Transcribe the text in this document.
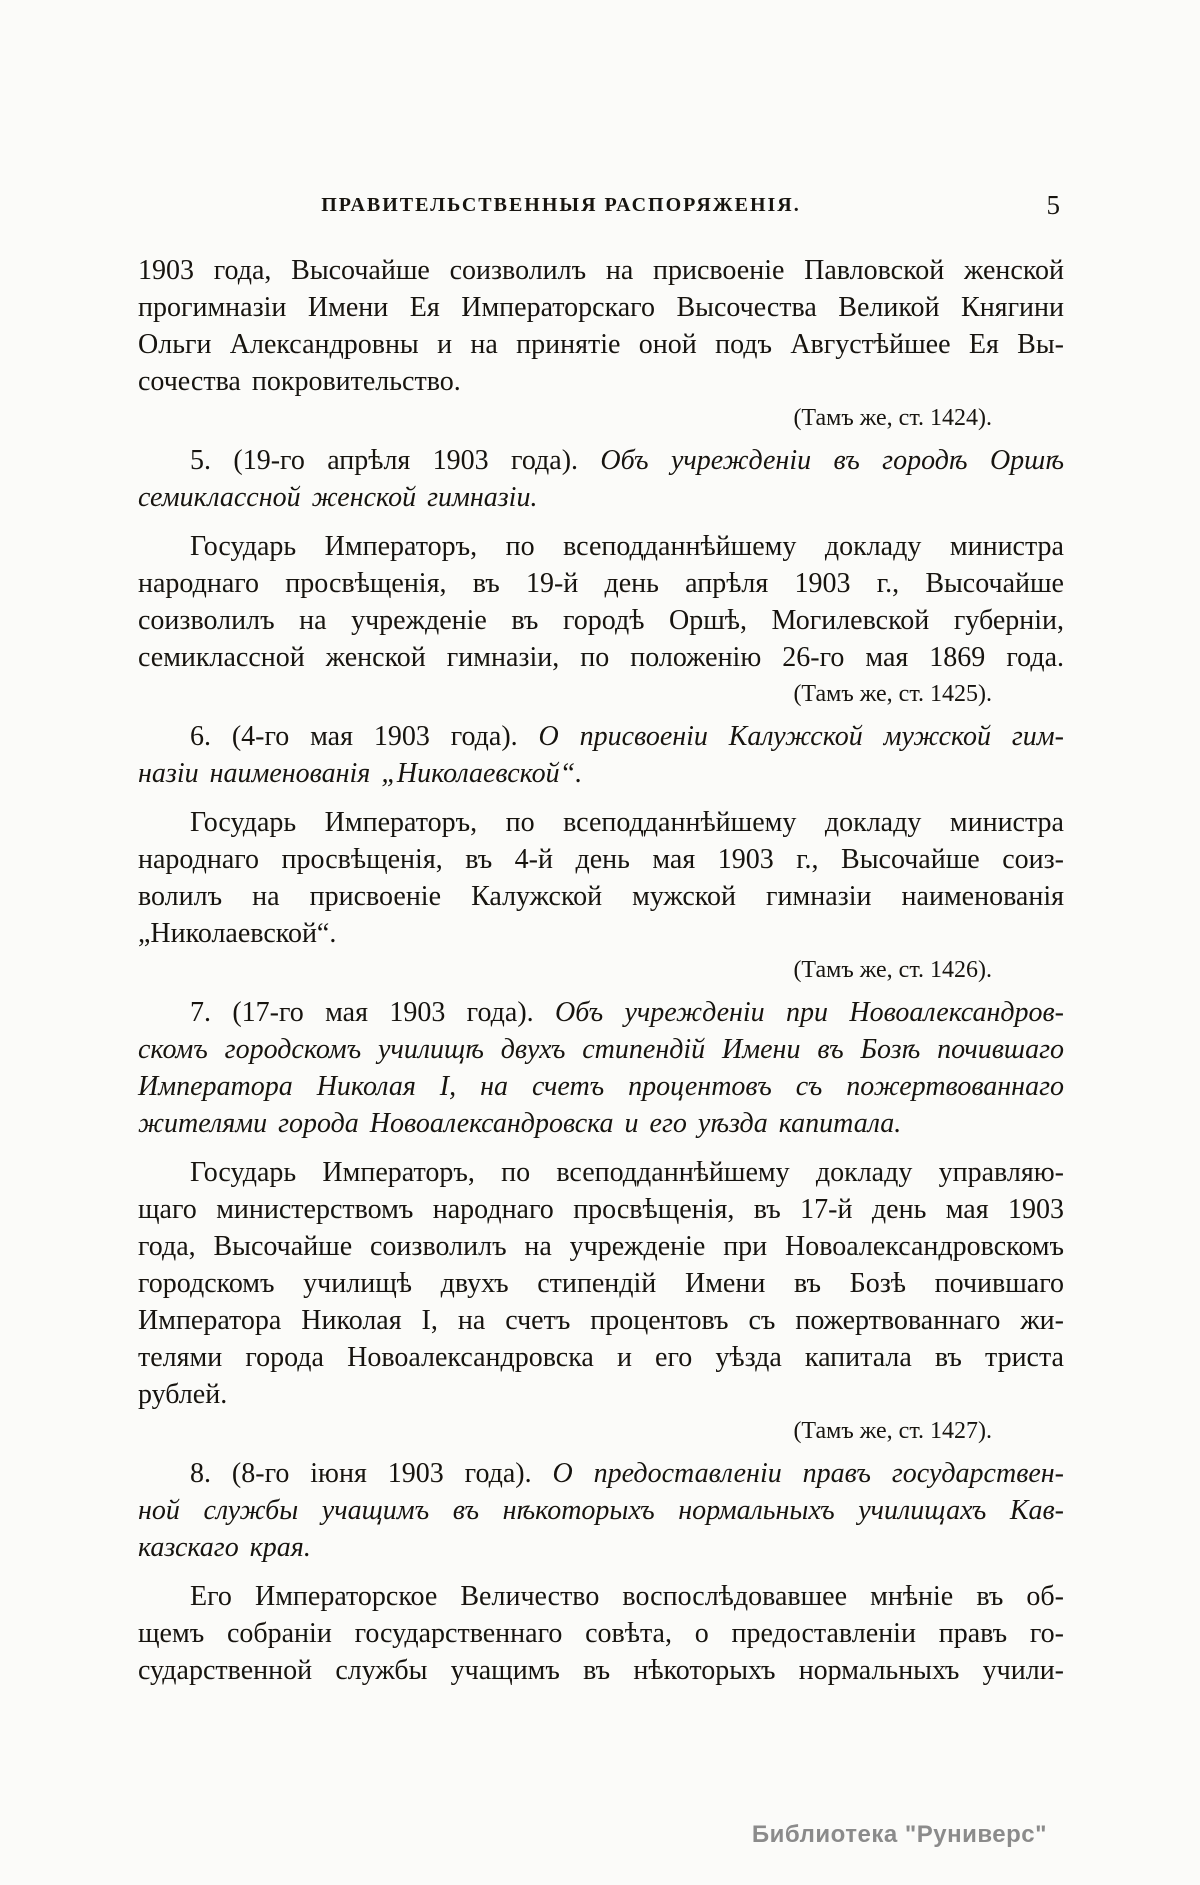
ПРАВИТЕЛЬСТВЕННЫЯ РАСПОРЯЖЕНІЯ.	5
1903 года, Высочайше соизволилъ на присвоеніе Павловской женской
прогимназіи Имени Ея Императорскаго Высочества Великой Княгини
Ольги Александровны и на принятіе оной подъ Августѣйшее Ея Вы-
сочества покровительство.
(Тамъ же, ст. 1424).
5. (19-го апрѣля 1903 года). Объ учрежденіи въ городѣ Оршѣ
семиклассной женской гимназіи.
Государь Императоръ, по всеподданнѣйшему докладу министра
народнаго просвѣщенія, въ 19-й день апрѣля 1903 г., Высочайше
соизволилъ на учрежденіе въ городѣ Оршѣ, Могилевской губерніи,
семиклассной женской гимназіи, по положенію 26-го мая 1869 года.
(Тамъ же, ст. 1425).
6. (4-го мая 1903 года). О присвоеніи Калужской мужской гим-
назіи наименованія „Николаевской“.
Государь Императоръ, по всеподданнѣйшему докладу министра
народнаго просвѣщенія, въ 4-й день мая 1903 г., Высочайше соиз-
волилъ на присвоеніе Калужской мужской гимназіи наименованія
„Николаевской“.
(Тамъ же, ст. 1426).
7. (17-го мая 1903 года). Объ учрежденіи при Новоалександров-
скомъ городскомъ училищѣ двухъ стипендій Имени въ Бозѣ почившаго
Императора Николая I, на счетъ процентовъ съ пожертвованнаго
жителями города Новоалександровска и его уѣзда капитала.
Государь Императоръ, по всеподданнѣйшему докладу управляю-
щаго министерствомъ народнаго просвѣщенія, въ 17-й день мая 1903
года, Высочайше соизволилъ на учрежденіе при Новоалександровскомъ
городскомъ училищѣ двухъ стипендій Имени въ Бозѣ почившаго
Императора Николая I, на счетъ процентовъ съ пожертвованнаго жи-
телями города Новоалександровска и его уѣзда капитала въ триста
рублей.
(Тамъ же, ст. 1427).
8. (8-го іюня 1903 года). О предоставленіи правъ государствен-
ной службы учащимъ въ нѣкоторыхъ нормальныхъ училищахъ Кав-
казскаго края.
Его Императорское Величество воспослѣдовавшее мнѣніе въ об-
щемъ собраніи государственнаго совѣта, о предоставленіи правъ го-
сударственной службы учащимъ въ нѣкоторыхъ нормальныхъ учили-
Библиотека "Руниверс"
